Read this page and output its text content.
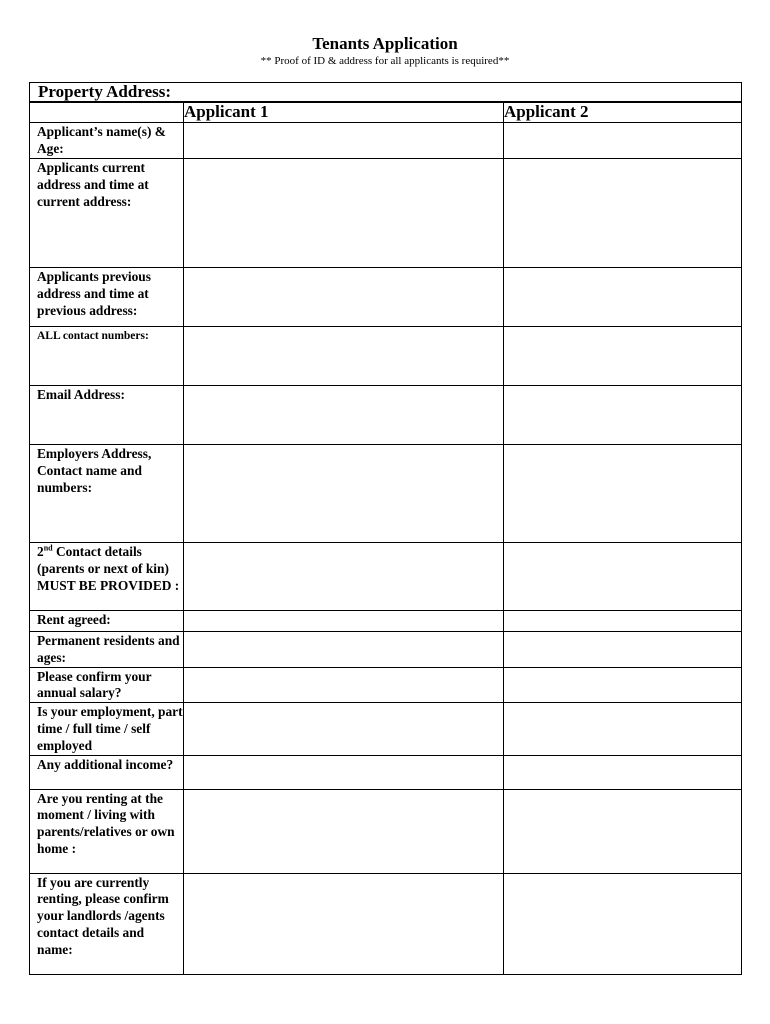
Tenants Application
** Proof of ID & address for all applicants is required**
Property Address:
	Applicant 1	Applicant 2

Applicant’s name(s) & Age:

Applicants current address and time at current address:

Applicants previous address and time at previous address:

ALL contact numbers:

Email Address:

Employers Address, Contact name and numbers:

2nd Contact details (parents or next of kin) MUST BE PROVIDED :

Rent agreed:

Permanent residents and ages:

Please confirm your annual salary?

Is your employment, part time / full time / self employed

Any additional income?

Are you renting at the moment / living with parents/relatives or own home :

If you are currently renting, please confirm your landlords /agents contact details and name:
